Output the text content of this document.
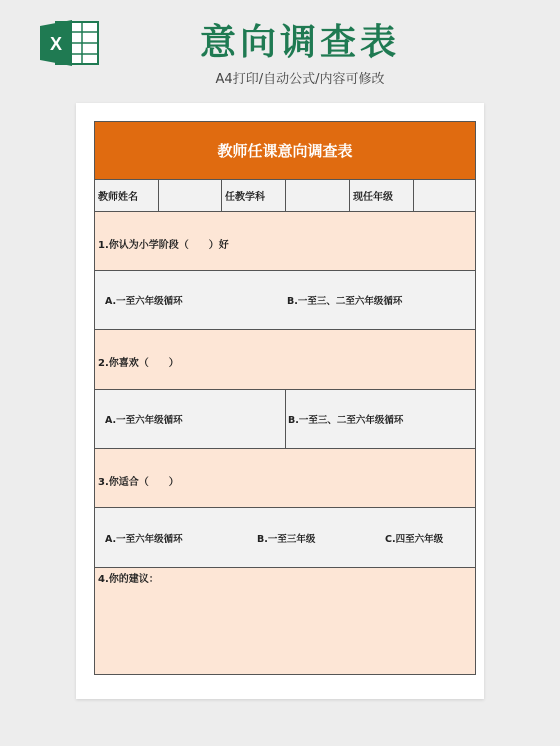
X	意向调查表
A4打印/自动公式/内容可修改
教师任课意向调查表
教师姓名	任教学科	现任年级
1.你认为小学阶段（　　）好
A.一至六年级循环	B.一至三、二至六年级循环
2.你喜欢（　　）
A.一至六年级循环	B.一至三、二至六年级循环
3.你适合（　　）
A.一至六年级循环	B.一至三年级	C.四至六年级
4.你的建议：
